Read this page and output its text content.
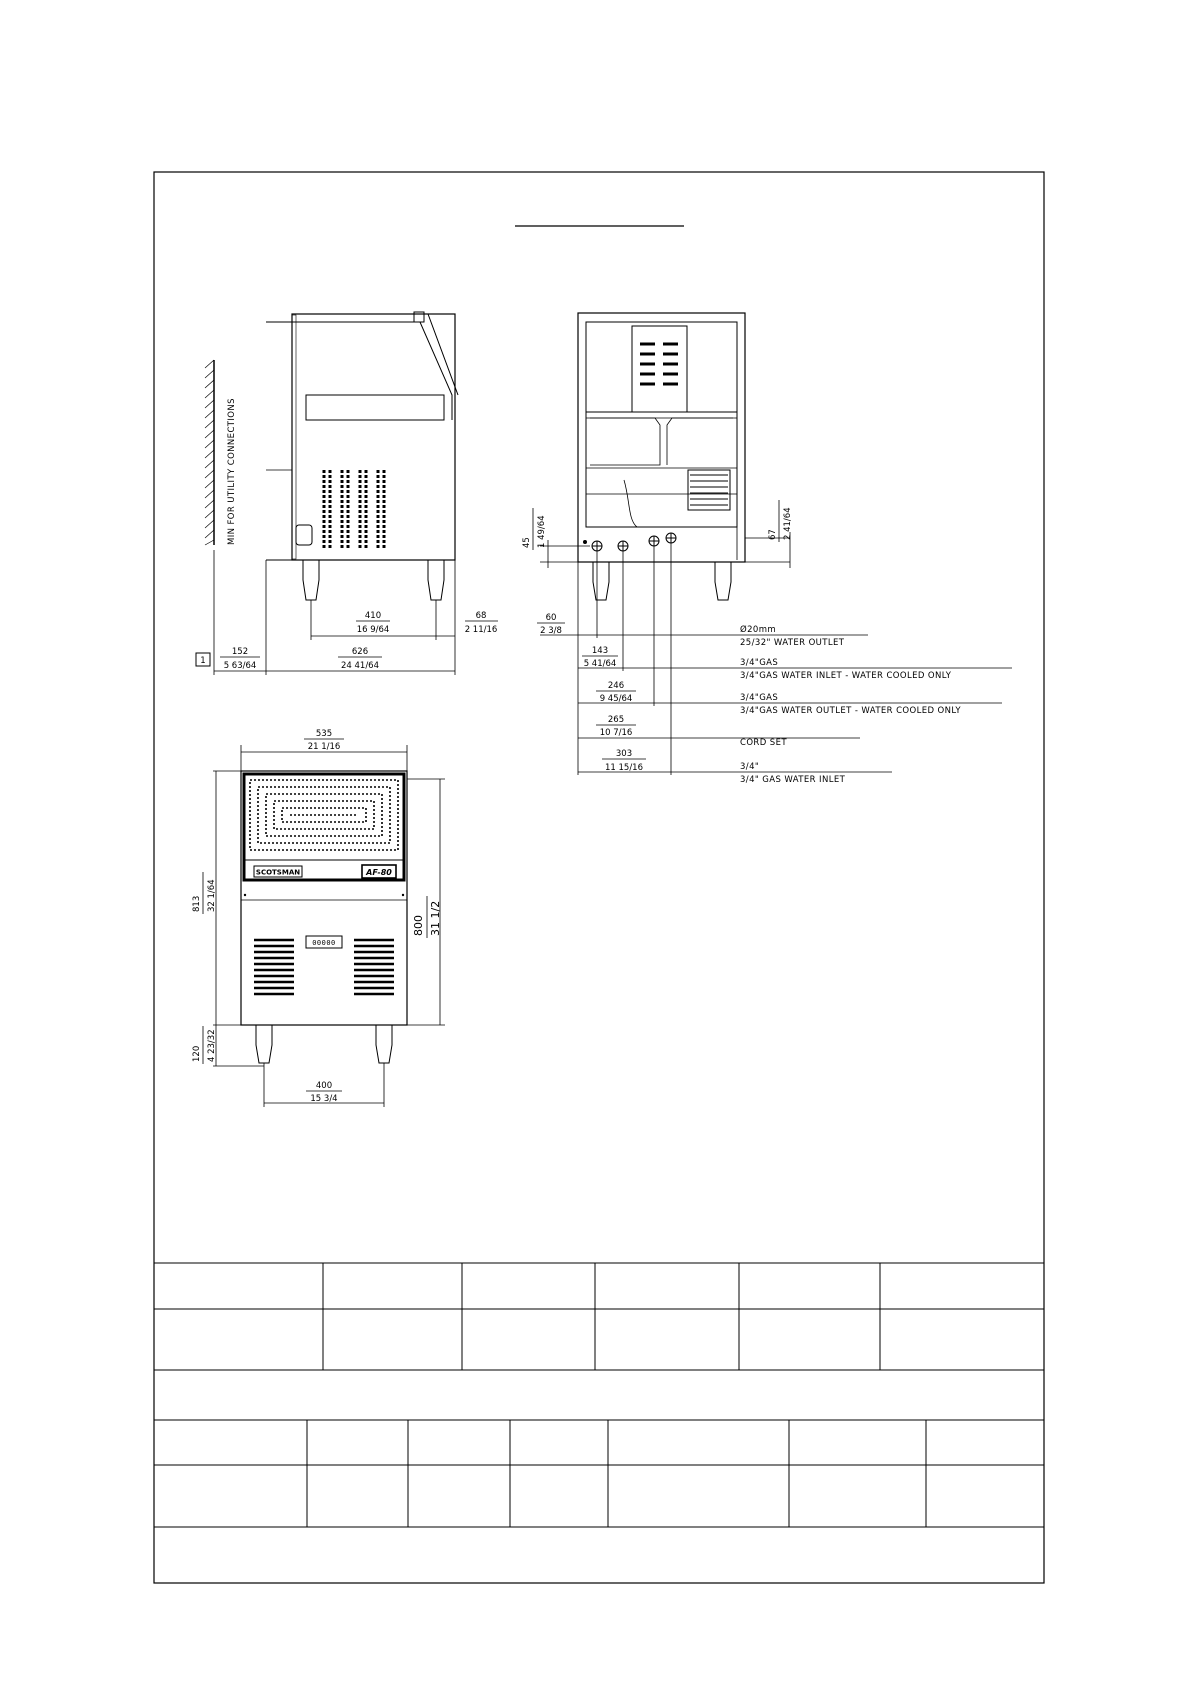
MIN FOR UTILITY CONNECTIONS
410
16 9/64
68
2 11/16
1
152
5 63/64
626
24 41/64
45 1 49/64	67 2 41/64
60
2 3/8
143
5 41/64
246
9 45/64
265
10 7/16
303
11 15/16
Ø20mm
25/32" WATER OUTLET
3/4"GAS
3/4"GAS WATER INLET - WATER COOLED ONLY
3/4"GAS
3/4"GAS WATER OUTLET - WATER COOLED ONLY
CORD SET
3/4"
3/4" GAS WATER INLET
SCOTSMAN	AF-80
00000
535
21 1/16
813 32 1/64
800 31 1/2
120 4 23/32
400
15 3/4
